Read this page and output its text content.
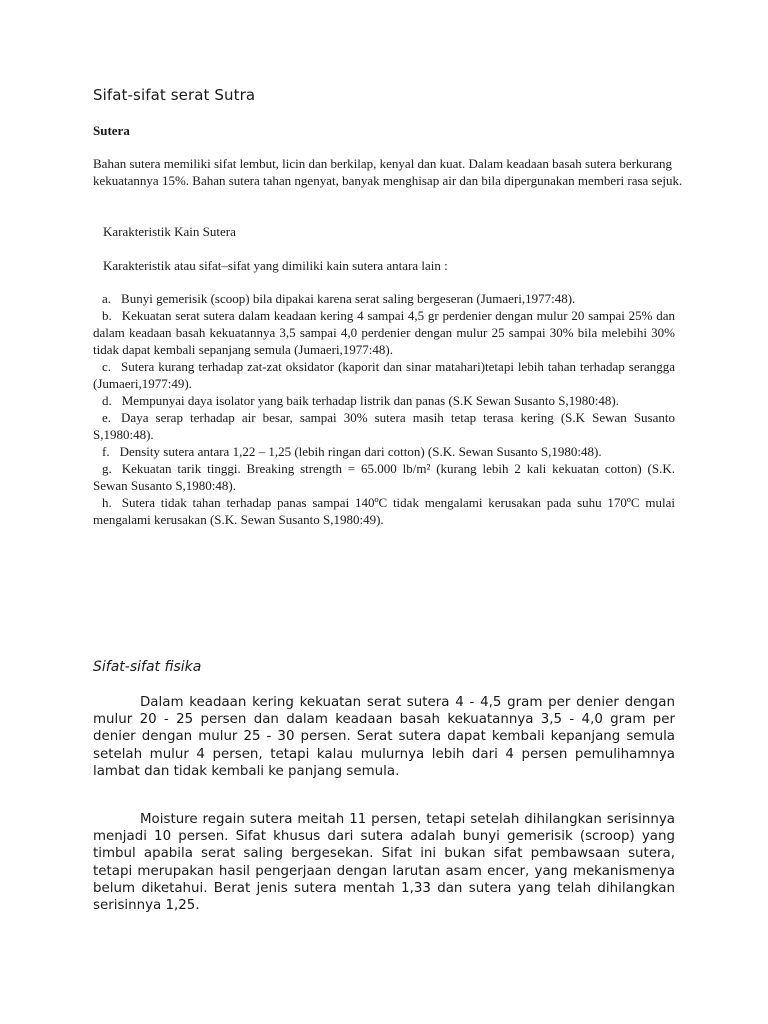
Sifat-sifat serat Sutra
Sutera

Bahan sutera memiliki sifat lembut, licin dan berkilap, kenyal dan kuat. Dalam keadaan basah sutera berkurang kekuatannya 15%. Bahan sutera tahan ngenyat, banyak menghisap air dan bila dipergunakan memberi rasa sejuk.

Karakteristik Kain Sutera

Karakteristik atau sifat–sifat yang dimiliki kain sutera antara lain :

a. Bunyi gemerisik (scoop) bila dipakai karena serat saling bergeseran (Jumaeri,1977:48).
b. Kekuatan serat sutera dalam keadaan kering 4 sampai 4,5 gr perdenier dengan mulur 20 sampai 25% dan dalam keadaan basah kekuatannya 3,5 sampai 4,0 perdenier dengan mulur 25 sampai 30% bila melebihi 30% tidak dapat kembali sepanjang semula (Jumaeri,1977:48).
c. Sutera kurang terhadap zat-zat oksidator (kaporit dan sinar matahari)tetapi lebih tahan terhadap serangga (Jumaeri,1977:49).
d. Mempunyai daya isolator yang baik terhadap listrik dan panas (S.K Sewan Susanto S,1980:48).
e. Daya serap terhadap air besar, sampai 30% sutera masih tetap terasa kering (S.K Sewan Susanto S,1980:48).
f. Density sutera antara 1,22 – 1,25 (lebih ringan dari cotton) (S.K. Sewan Susanto S,1980:48).
g. Kekuatan tarik tinggi. Breaking strength = 65.000 lb/m² (kurang lebih 2 kali kekuatan cotton) (S.K. Sewan Susanto S,1980:48).
h. Sutera tidak tahan terhadap panas sampai 140ºC tidak mengalami kerusakan pada suhu 170ºC mulai mengalami kerusakan (S.K. Sewan Susanto S,1980:49).
Sifat-sifat fisika

Dalam keadaan kering kekuatan serat sutera 4 - 4,5 gram per denier dengan mulur 20 - 25 persen dan dalam keadaan basah kekuatannya 3,5 - 4,0 gram per denier dengan mulur 25 - 30 persen. Serat sutera dapat kembali kepanjang semula setelah mulur 4 persen, tetapi kalau mulurnya lebih dari 4 persen pemulihamnya lambat dan tidak kembali ke panjang semula.

Moisture regain sutera meitah 11 persen, tetapi setelah dihilangkan serisinnya menjadi 10 persen. Sifat khusus dari sutera adalah bunyi gemerisik (scroop) yang timbul apabila serat saling bergesekan. Sifat ini bukan sifat pembawsaan sutera, tetapi merupakan hasil pengerjaan dengan larutan asam encer, yang mekanismenya belum diketahui. Berat jenis sutera mentah 1,33 dan sutera yang telah dihilangkan serisinnya 1,25.
